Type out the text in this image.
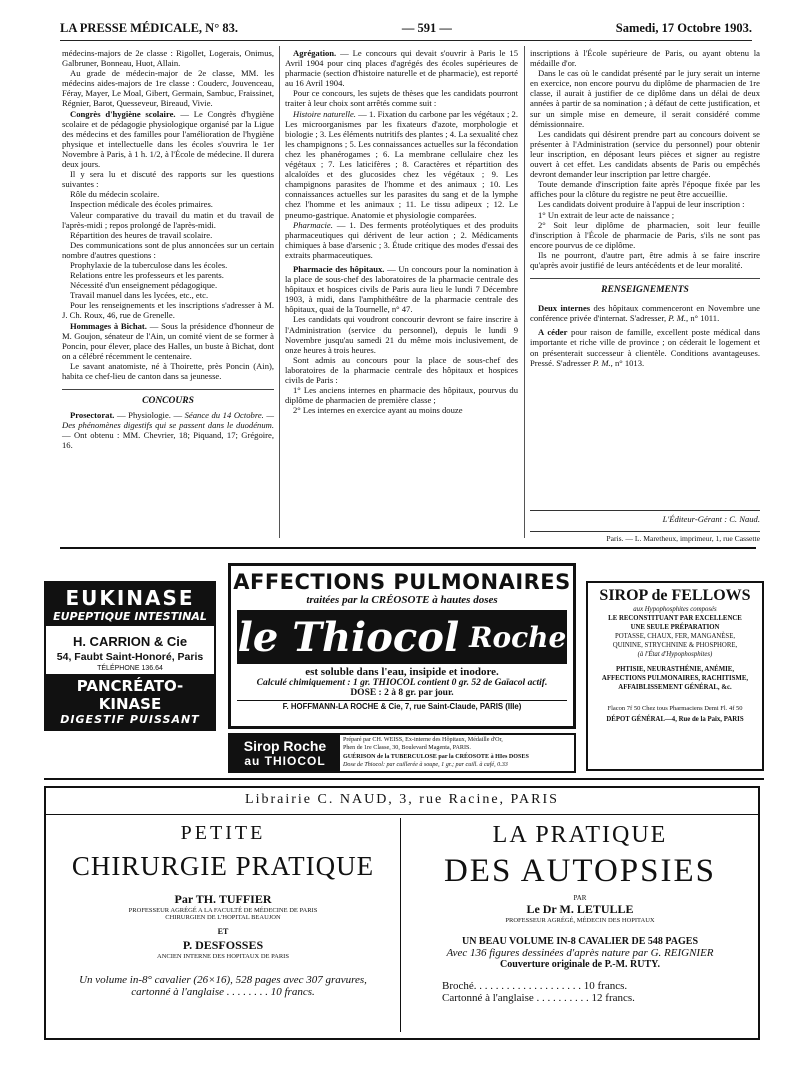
LA PRESSE MÉDICALE, N° 83.	— 591 —	Samedi, 17 Octobre 1903.

médecins-majors de 2e classe : Rigollet, Logerais, Onimus, Galbruner, Bonneau, Huot, Allain.

Au grade de médecin-major de 2e classe, MM. les médecins aides-majors de 1re classe : Couderc, Jouvenceau, Féray, Mayer, Le Moal, Gibert, Germain, Sambuc, Fraissinet, Régnier, Barot, Quesseveur, Bireaud, Vivie.

Congrès d'hygiène scolaire. — Le Congrès d'hygiène scolaire et de pédagogie physiologique organisé par la Ligue des médecins et des familles pour l'amélioration de l'hygiène physique et intellectuelle dans les écoles s'ouvrira le 1er Novembre à Paris, à 1 h. 1/2, à l'École de médecine. Il durera deux jours.

Il y sera lu et discuté des rapports sur les questions suivantes :

Rôle du médecin scolaire.

Inspection médicale des écoles primaires.

Valeur comparative du travail du matin et du travail de l'après-midi ; repos prolongé de l'après-midi.

Répartition des heures de travail scolaire.

Des communications sont de plus annoncées sur un certain nombre d'autres questions :

Prophylaxie de la tuberculose dans les écoles.

Relations entre les professeurs et les parents.

Nécessité d'un enseignement pédagogique.

Travail manuel dans les lycées, etc., etc.

Pour les renseignements et les inscriptions s'adresser à M. J. Ch. Roux, 46, rue de Grenelle.

Hommages à Bichat. — Sous la présidence d'honneur de M. Goujon, sénateur de l'Ain, un comité vient de se former à Poncin, pour élever, place des Halles, un buste à Bichat, dont on a célébré récemment le centenaire.

Le savant anatomiste, né à Thoirette, près Poncin (Ain), habita ce chef-lieu de canton dans sa jeunesse.

CONCOURS

Prosectorat. — Physiologie. — Séance du 14 Octobre. — Des phénomènes digestifs qui se passent dans le duodénum. — Ont obtenu : MM. Chevrier, 18; Piquand, 17; Grégoire, 16.

Agrégation. — Le concours qui devait s'ouvrir à Paris le 15 Avril 1904 pour cinq places d'agrégés des écoles supérieures de pharmacie (section d'histoire naturelle et de pharmacie), est reporté au 16 Avril 1904.

Pour ce concours, les sujets de thèses que les candidats pourront traiter à leur choix sont arrêtés comme suit :

Histoire naturelle. — 1. Fixation du carbone par les végétaux ; 2. Les microorganismes par les fixateurs d'azote, morphologie et biologie ; 3. Les éléments nutritifs des plantes ; 4. La sexualité chez les champignons ; 5. Les connaissances actuelles sur la fécondation chez les phanérogames ; 6. La membrane cellulaire chez les végétaux ; 7. Les laticifères ; 8. Caractères et répartition des alcaloïdes et des glucosides chez les végétaux ; 9. Les champignons parasites de l'homme et des animaux ; 10. Les connaissances actuelles sur les parasites du sang et de la lymphe chez l'homme et les animaux ; 11. Le tissu adipeux ; 12. Le pneumo-gastrique. Anatomie et physiologie comparées.

Pharmacie. — 1. Des ferments protéolytiques et des produits pharmaceutiques qui dérivent de leur action ; 2. Médicaments chimiques à base d'arsenic ; 3. Étude critique des modes d'essai des extraits pharmaceutiques.

Pharmacie des hôpitaux. — Un concours pour la nomination à la place de sous-chef des laboratoires de la pharmacie centrale des hôpitaux et hospices civils de Paris aura lieu le lundi 7 Décembre 1903, à midi, dans l'amphithéâtre de la pharmacie centrale des hôpitaux, quai de la Tournelle, n° 47.

Les candidats qui voudront concourir devront se faire inscrire à l'Administration (service du personnel), depuis le lundi 9 Novembre jusqu'au samedi 21 du même mois inclusivement, de onze heures à trois heures.

Sont admis au concours pour la place de sous-chef des laboratoires de la pharmacie centrale des hôpitaux et hospices civils de Paris :

1° Les anciens internes en pharmacie des hôpitaux, pourvus du diplôme de pharmacien de première classe ;

2° Les internes en exercice ayant au moins douze

inscriptions à l'École supérieure de Paris, ou ayant obtenu la médaille d'or.

Dans le cas où le candidat présenté par le jury serait un interne en exercice, non encore pourvu du diplôme de pharmacien de 1re classe, il aurait à justifier de ce diplôme dans un délai de deux années à partir de sa nomination ; à défaut de cette justification, et sur un simple mise en demeure, il serait considéré comme démissionnaire.

Les candidats qui désirent prendre part au concours doivent se présenter à l'Administration (service du personnel) pour obtenir leur inscription, en déposant leurs pièces et signer au registre ouvert à cet effet. Les candidats absents de Paris ou empêchés devront demander leur inscription par lettre chargée.

Toute demande d'inscription faite après l'époque fixée par les affiches pour la clôture du registre ne peut être accueillie.

Les candidats doivent produire à l'appui de leur inscription :

1° Un extrait de leur acte de naissance ;

2° Soit leur diplôme de pharmacien, soit leur feuille d'inscription à l'École de pharmacie de Paris, s'ils ne sont pas encore pourvus de ce diplôme.

Ils ne pourront, d'autre part, être admis à se faire inscrire qu'après avoir justifié de leurs antécédents et de leur moralité.

RENSEIGNEMENTS

Deux internes des hôpitaux commenceront en Novembre une conférence privée d'internat. S'adresser, P. M., n° 1011.

A céder pour raison de famille, excellent poste médical dans importante et riche ville de province ; on céderait le logement et on présenterait successeur à clientèle. Conditions avantageuses. Pressé. S'adresser P. M., n° 1013.

L'Éditeur-Gérant : C. Naud.
Paris. — L. Maretheux, imprimeur, 1, rue Cassette
EUKINASE
EUPEPTIQUE INTESTINAL
H. CARRION & Cie
54, Faubt Saint-Honoré, Paris
TÉLÉPHONE 136.64
PANCRÉATO-KINASE
DIGESTIF PUISSANT
AFFECTIONS PULMONAIRES
traitées par la CRÉOSOTE à hautes doses
le Thiocol Roche
est soluble dans l'eau, insipide et inodore.
Calculé chimiquement : 1 gr. THIOCOL contient 0 gr. 52 de Gaïacol actif.
DOSE : 2 à 8 gr. par jour.
F. HOFFMANN-LA ROCHE & Cie, 7, rue Saint-Claude, PARIS (IIIe)
Sirop Roche
au THIOCOL
Préparé par CH. WEISS, Ex-interne des Hôpitaux, Médaille d'Or,
Phen de 1re Classe, 30, Boulevard Magenta, PARIS.
GUÉRISON de la TUBERCULOSE par la CRÉOSOTE à HIes DOSES
Dose de Thiocol: par cuillerée à soupe, 1 gr.; par cuill. à café, 0.33
SIROP de FELLOWS
aux Hypophosphites composés
LE RECONSTITUANT PAR EXCELLENCE
UNE SEULE PRÉPARATION
POTASSE, CHAUX, FER, MANGANÈSE,
QUININE, STRYCHNINE & PHOSPHORE,
(à l'État d'Hypophosphites)
PHTISIE, NEURASTHÉNIE, ANÉMIE,
AFFECTIONS PULMONAIRES, RACHITISME,
AFFAIBLISSEMENT GÉNÉRAL, &c.
Flacon 7f 50 Chez tous Pharmaciens Demi Fl. 4f 50
DÉPOT GÉNÉRAL—4, Rue de la Paix, PARIS
Librairie C. NAUD, 3, rue Racine, PARIS
PETITE
CHIRURGIE PRATIQUE
Par TH. TUFFIER
PROFESSEUR AGRÉGÉ A LA FACULTÉ DE MÉDECINE DE PARIS
CHIRURGIEN DE L'HOPITAL BEAUJON
ET
P. DESFOSSES
ANCIEN INTERNE DES HOPITAUX DE PARIS
Un volume in-8° cavalier (26×16), 528 pages avec 307 gravures,
cartonné à l'anglaise . . . . . . . . 10 francs.
LA PRATIQUE
DES AUTOPSIES
PAR
Le Dr M. LETULLE
PROFESSEUR AGRÉGÉ, MÉDECIN DES HOPITAUX
UN BEAU VOLUME IN-8 CAVALIER DE 548 PAGES
Avec 136 figures dessinées d'après nature par G. REIGNIER
Couverture originale de P.-M. RUTY.
Broché. . . . . . . . . . . . . . . . . . . . 10 francs.
Cartonné à l'anglaise . . . . . . . . . . 12 francs.
